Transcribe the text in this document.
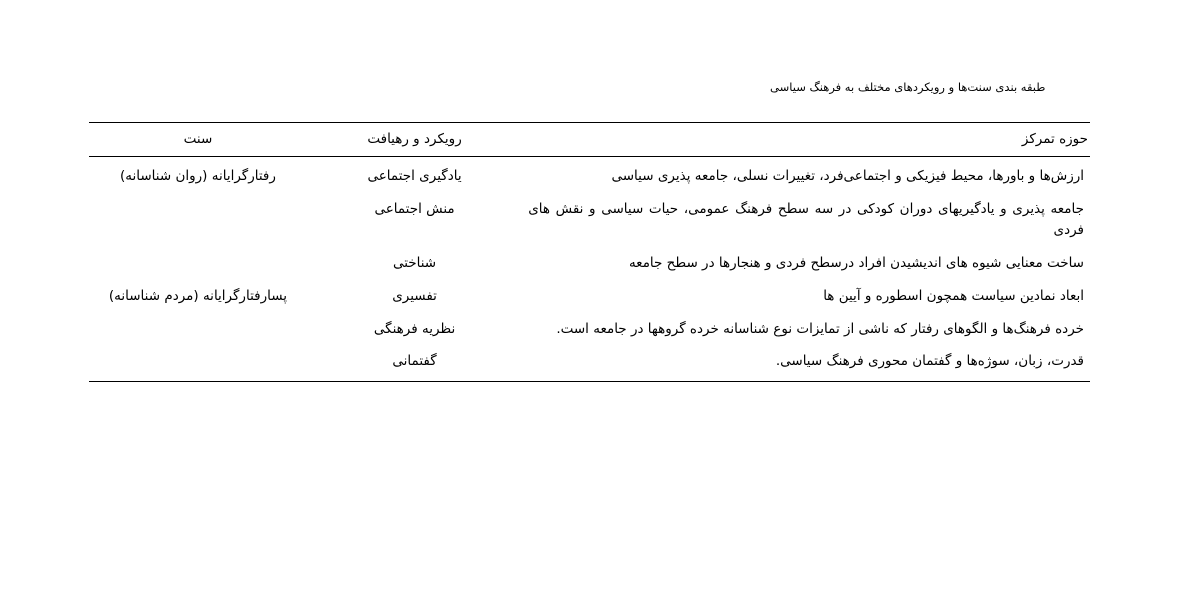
طبقه بندی سنت‌ها و رویکردهای مختلف به فرهنگ سیاسی
حوزه تمرکز	رویکرد و رهیافت	سنت
ارزش‌ها و باورها، محیط فیزیکی و اجتماعی‌فرد، تغییرات نسلی، جامعه پذیری سیاسی	یادگیری اجتماعی	رفتارگرایانه (روان شناسانه)
جامعه پذیری و یادگیریهای دوران کودکی در سه سطح فرهنگ عمومی، حیات سیاسی و نقش های فردی	منش اجتماعی	
ساخت معنایی شیوه های اندیشیدن افراد درسطح فردی و هنجارها در سطح جامعه	شناختی	
ابعاد نمادین سیاست همچون اسطوره و آیین ها	تفسیری	پسارفتارگرایانه (مردم شناسانه)
خرده فرهنگ‌ها و الگوهای رفتار که ناشی از تمایزات نوع شناسانه خرده گروهها در جامعه است.	نظریه فرهنگی	
قدرت، زبان، سوژه‌ها و گفتمان محوری فرهنگ سیاسی.	گفتمانی	
